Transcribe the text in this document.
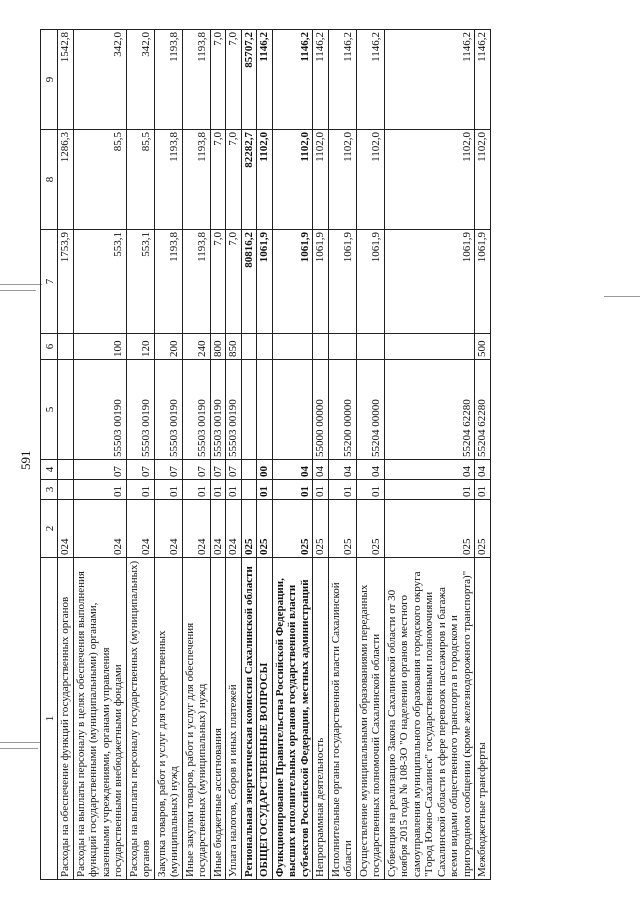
591
1	2	3	4	5	6	7	8	9
Расходы на обеспечение функций государственных органов	024					1753,9	1286,3	1542,8
Расходы на выплаты персоналу в целях обеспечения выполнения функций государственными (муниципальными) органами, казенными учреждениями, органами управления государственными внебюджетными фондами	024	01	07	55503 00190	100	553,1	85,5	342,0
Расходы на выплаты персоналу государственных (муниципальных) органов	024	01	07	55503 00190	120	553,1	85,5	342,0
Закупка товаров, работ и услуг для государственных (муниципальных) нужд	024	01	07	55503 00190	200	1193,8	1193,8	1193,8
Иные закупки товаров, работ и услуг для обеспечения государственных (муниципальных) нужд	024	01	07	55503 00190	240	1193,8	1193,8	1193,8
Иные бюджетные ассигнования	024	01	07	55503 00190	800	7,0	7,0	7,0
Уплата налогов, сборов и иных платежей	024	01	07	55503 00190	850	7,0	7,0	7,0
Региональная энергетическая комиссия Сахалинской области	025					80816,2	82282,7	85707,2
ОБЩЕГОСУДАРСТВЕННЫЕ ВОПРОСЫ	025	01	00			1061,9	1102,0	1146,2
Функционирование Правительства Российской Федерации, высших исполнительных органов государственной власти субъектов Российской Федерации, местных администраций	025	01	04			1061,9	1102,0	1146,2
Непрограммная деятельность	025	01	04	55000 00000		1061,9	1102,0	1146,2
Исполнительные органы государственной власти Сахалинской области	025	01	04	55200 00000		1061,9	1102,0	1146,2
Осуществление муниципальными образованиями переданных государственных полномочий Сахалинской области	025	01	04	55204 00000		1061,9	1102,0	1146,2
Субвенция на реализацию Закона Сахалинской области от 30 ноября 2015 года № 108-ЗО "О наделении органов местного самоуправления муниципального образования городского округа "Город Южно-Сахалинск" государственными полномочиями Сахалинской области в сфере перевозок пассажиров и багажа всеми видами общественного транспорта в городском и пригородном сообщении (кроме железнодорожного транспорта)"	025	01	04	55204 62280		1061,9	1102,0	1146,2
Межбюджетные трансферты	025	01	04	55204 62280	500	1061,9	1102,0	1146,2
